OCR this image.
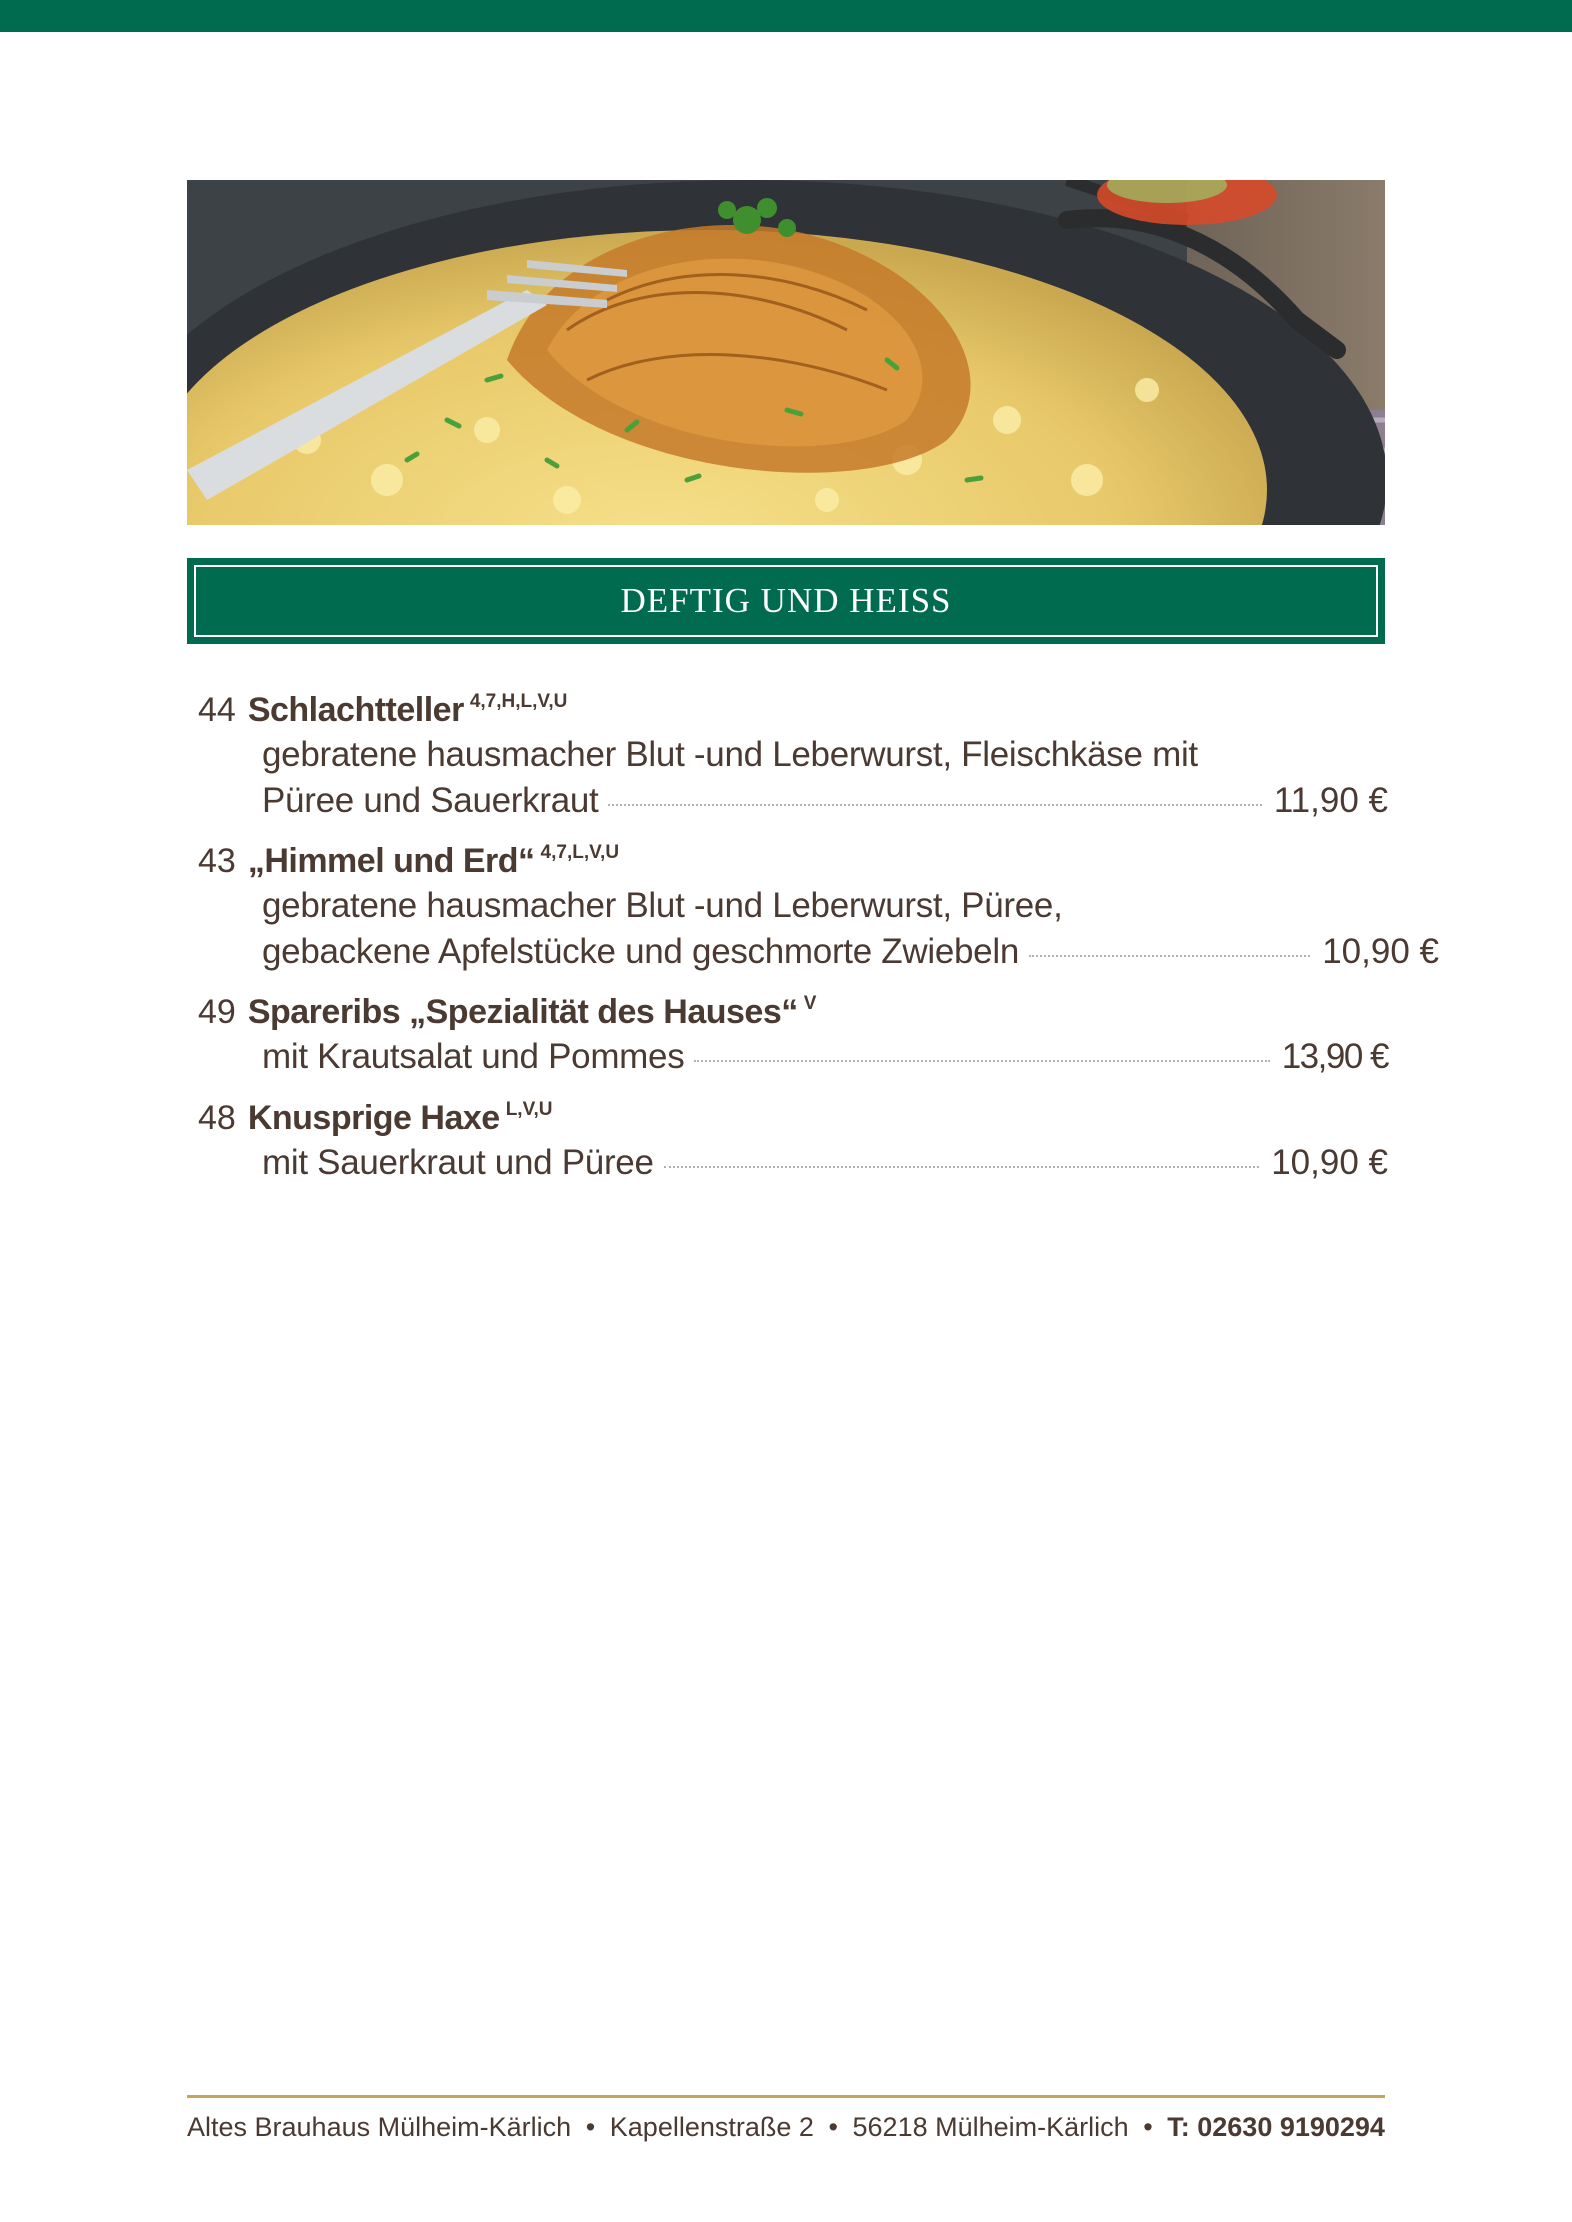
DEFTIG UND HEISS
44 Schlachtteller $^{4,7,H,L,V,U}$
gebratene hausmacher Blut -und Leberwurst, Fleischkäse mit
Püree und Sauerkraut	11,90 €
43 „Himmel und Erd“ $^{4,7,L,V,U}$
gebratene hausmacher Blut -und Leberwurst, Püree,
gebackene Apfelstücke und geschmorte Zwiebeln	10,90 €
49 Spareribs „Spezialität des Hauses“ $^V$
mit Krautsalat und Pommes	13,90 €
48 Knusprige Haxe $^{L,V,U}$
mit Sauerkraut und Püree	10,90 €
Altes Brauhaus Mülheim-Kärlich • Kapellenstraße 2 • 56218 Mülheim-Kärlich • T: 02630 9190294
